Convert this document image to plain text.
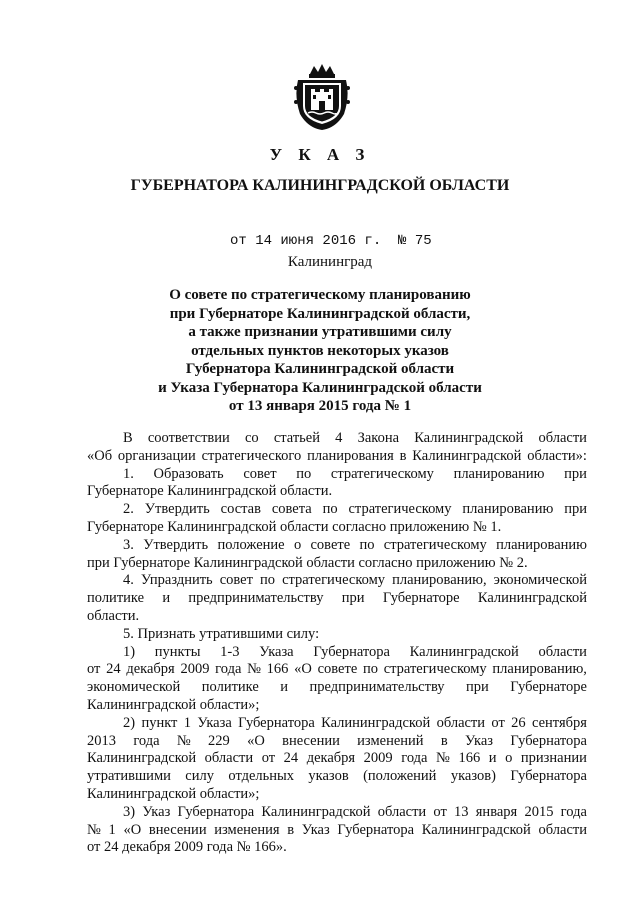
У К А З
ГУБЕРНАТОРА КАЛИНИНГРАДСКОЙ ОБЛАСТИ
от 14 июня 2016 г.  № 75
Калининград
О совете по стратегическому планированию
при Губернаторе Калининградской области,
а также признании утратившими силу
отдельных пунктов некоторых указов
Губернатора Калининградской области
и Указа Губернатора Калининградской области
от 13 января 2015 года № 1
В соответствии со статьей 4 Закона Калининградской области
«Об организации стратегического планирования в Калининградской области»:
1. Образовать совет по стратегическому планированию при
Губернаторе Калининградской области.
2. Утвердить состав совета по стратегическому планированию при
Губернаторе Калининградской области согласно приложению № 1.
3. Утвердить положение о совете по стратегическому планированию
при Губернаторе Калининградской области согласно приложению № 2.
4. Упразднить совет по стратегическому планированию, экономической
политике и предпринимательству при Губернаторе Калининградской
области.
5. Признать утратившими силу:
1) пункты 1-3 Указа Губернатора Калининградской области
от 24 декабря 2009 года № 166 «О совете по стратегическому планированию,
экономической политике и предпринимательству при Губернаторе
Калининградской области»;
2) пункт 1 Указа Губернатора Калининградской области от 26 сентября
2013 года № 229 «О внесении изменений в Указ Губернатора
Калининградской области от 24 декабря 2009 года № 166 и о признании
утратившими силу отдельных указов (положений указов) Губернатора
Калининградской области»;
3) Указ Губернатора Калининградской области от 13 января 2015 года
№ 1 «О внесении изменения в Указ Губернатора Калининградской области
от 24 декабря 2009 года № 166».
